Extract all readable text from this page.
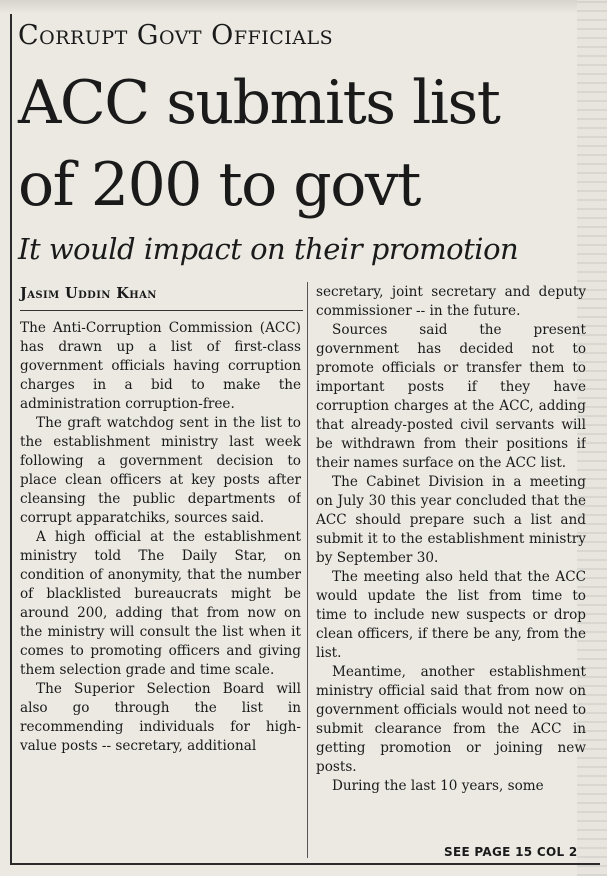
Corrupt Govt Officials
ACC submits list
of 200 to govt
It would impact on their promotion
Jasim Uddin Khan

The Anti-Corruption Commission (ACC) has drawn up a list of first-class government officials having corruption charges in a bid to make the administration corruption-free.

The graft watchdog sent in the list to the establishment ministry last week following a government decision to place clean officers at key posts after cleansing the public departments of corrupt apparatchiks, sources said.

A high official at the establishment ministry told The Daily Star, on condition of anonymity, that the number of blacklisted bureaucrats might be around 200, adding that from now on the ministry will consult the list when it comes to promoting officers and giving them selection grade and time scale.

The Superior Selection Board will also go through the list in recommending individuals for high-value posts -- secretary, additional

secretary, joint secretary and deputy commissioner -- in the future.

Sources said the present government has decided not to promote officials or transfer them to important posts if they have corruption charges at the ACC, adding that already-posted civil servants will be withdrawn from their positions if their names surface on the ACC list.

The Cabinet Division in a meeting on July 30 this year concluded that the ACC should prepare such a list and submit it to the establishment ministry by September 30.

The meeting also held that the ACC would update the list from time to time to include new suspects or drop clean officers, if there be any, from the list.

Meantime, another establishment ministry official said that from now on government officials would not need to submit clearance from the ACC in getting promotion or joining new posts.

During the last 10 years, some

SEE PAGE 15 COL 2
